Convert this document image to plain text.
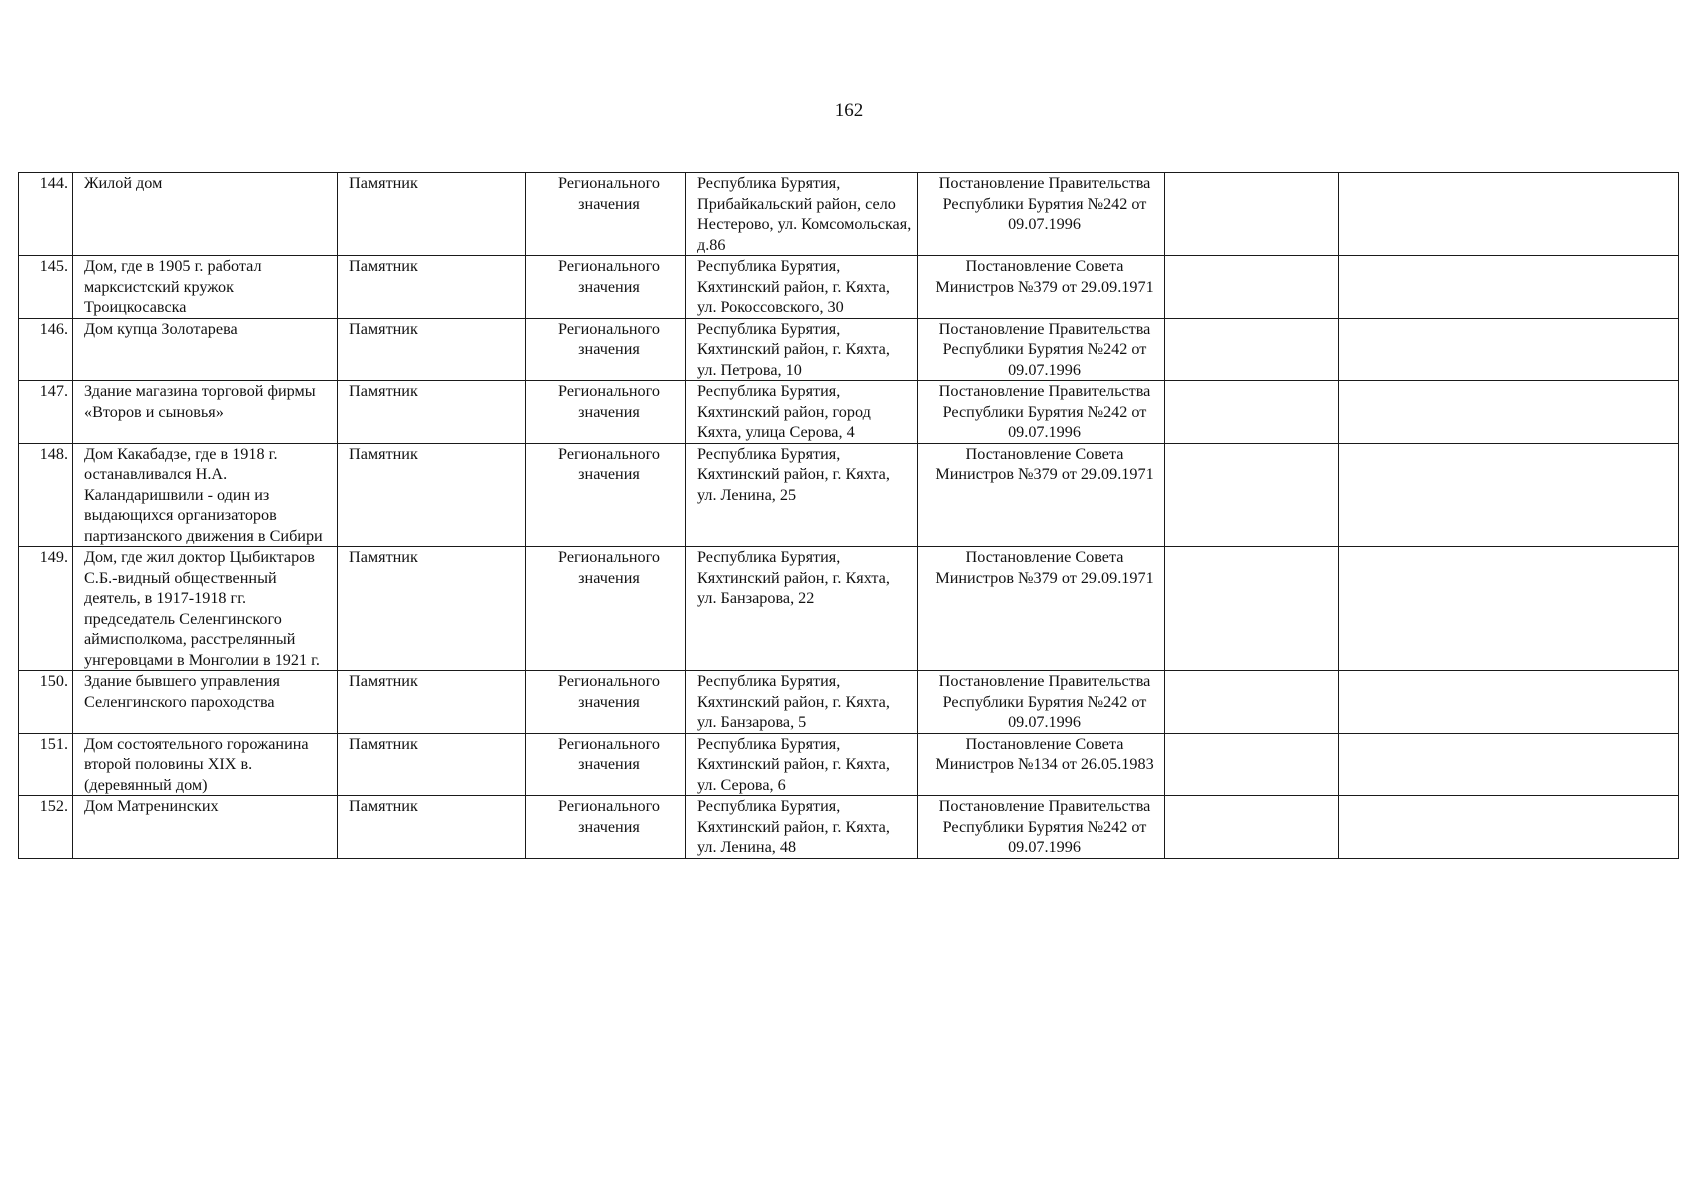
162
144.	Жилой дом	Памятник	Регионального значения	Республика Бурятия, Прибайкальский район, село Нестерово, ул. Комсомольская, д.86	Постановление Правительства Республики Бурятия №242 от 09.07.1996		
145.	Дом, где в 1905 г. работал марксистский кружок Троицкосавска	Памятник	Регионального значения	Республика Бурятия, Кяхтинский район, г. Кяхта, ул. Рокоссовского, 30	Постановление Совета Министров №379 от 29.09.1971		
146.	Дом купца Золотарева	Памятник	Регионального значения	Республика Бурятия, Кяхтинский район, г. Кяхта, ул. Петрова, 10	Постановление Правительства Республики Бурятия №242 от 09.07.1996		
147.	Здание магазина торговой фирмы «Второв и сыновья»	Памятник	Регионального значения	Республика Бурятия, Кяхтинский район, город Кяхта, улица Серова, 4	Постановление Правительства Республики Бурятия №242 от 09.07.1996		
148.	Дом Какабадзе, где в 1918 г. останавливался Н.А. Каландаришвили - один из выдающихся организаторов партизанского движения в Сибири	Памятник	Регионального значения	Республика Бурятия, Кяхтинский район, г. Кяхта, ул. Ленина, 25	Постановление Совета Министров №379 от 29.09.1971		
149.	Дом, где жил доктор Цыбиктаров С.Б.-видный общественный деятель, в 1917-1918 гг. председатель Селенгинского аймисполкома, расстрелянный унгеровцами в Монголии в 1921 г.	Памятник	Регионального значения	Республика Бурятия, Кяхтинский район, г. Кяхта, ул. Банзарова, 22	Постановление Совета Министров №379 от 29.09.1971		
150.	Здание бывшего управления Селенгинского пароходства	Памятник	Регионального значения	Республика Бурятия, Кяхтинский район, г. Кяхта, ул. Банзарова, 5	Постановление Правительства Республики Бурятия №242 от 09.07.1996		
151.	Дом состоятельного горожанина второй половины XIX в. (деревянный дом)	Памятник	Регионального значения	Республика Бурятия, Кяхтинский район, г. Кяхта, ул. Серова, 6	Постановление Совета Министров №134 от 26.05.1983		
152.	Дом Матренинских	Памятник	Регионального значения	Республика Бурятия, Кяхтинский район, г. Кяхта, ул. Ленина, 48	Постановление Правительства Республики Бурятия №242 от 09.07.1996		
